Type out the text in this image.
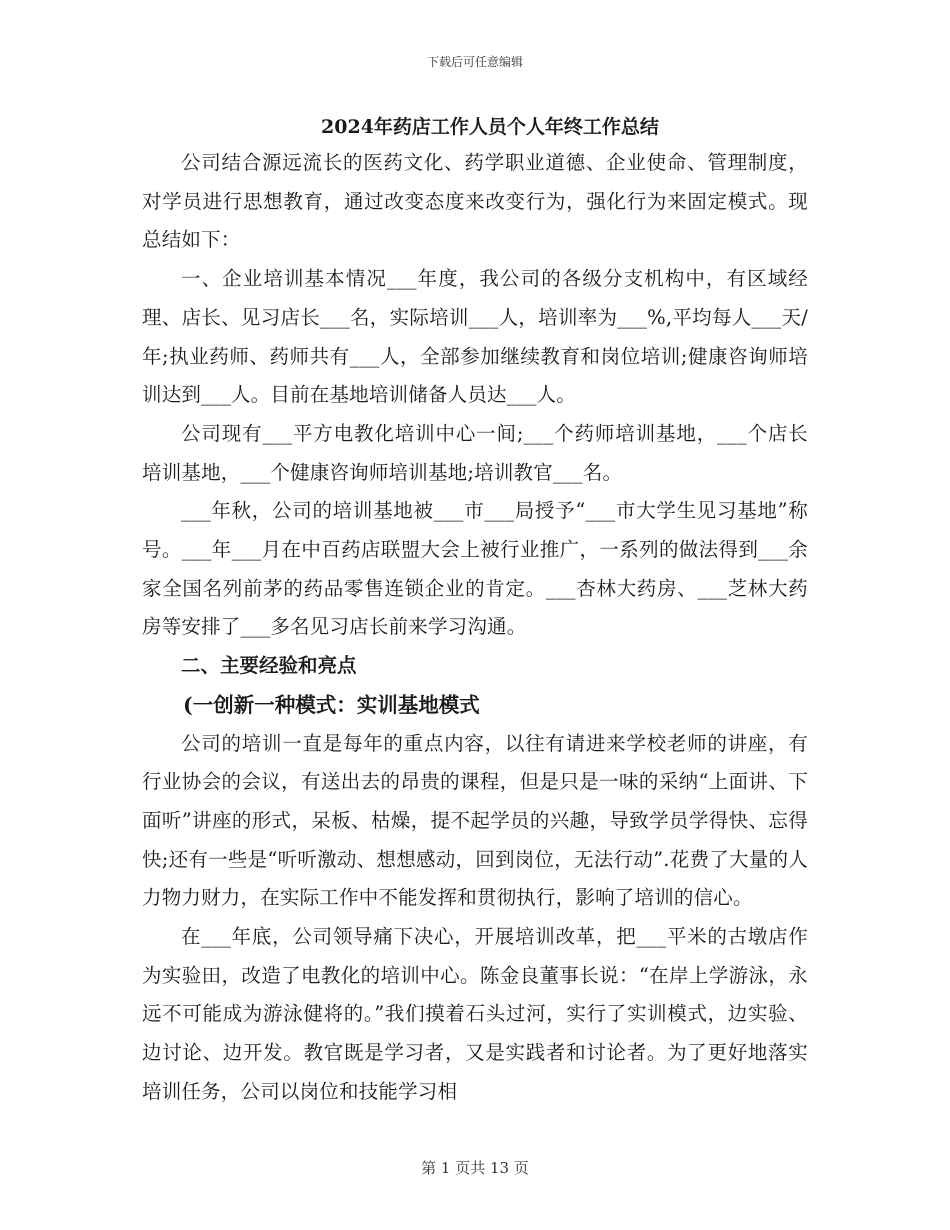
下载后可任意编辑

2024年药店工作人员个人年终工作总结

公司结合源远流长的医药文化、药学职业道德、企业使命、管理制度，对学员进行思想教育，通过改变态度来改变行为，强化行为来固定模式。现总结如下：

一、企业培训基本情况___年度，我公司的各级分支机构中，有区域经理、店长、见习店长___名，实际培训___人，培训率为___%,平均每人___天/年;执业药师、药师共有___人，全部参加继续教育和岗位培训;健康咨询师培训达到___人。目前在基地培训储备人员达___人。

公司现有___平方电教化培训中心一间;___个药师培训基地，___个店长培训基地，___个健康咨询师培训基地;培训教官___名。

___年秋，公司的培训基地被___市___局授予“___市大学生见习基地”称号。___年___月在中百药店联盟大会上被行业推广，一系列的做法得到___余家全国名列前茅的药品零售连锁企业的肯定。___杏林大药房、___芝林大药房等安排了___多名见习店长前来学习沟通。

二、主要经验和亮点

(一创新一种模式：实训基地模式

公司的培训一直是每年的重点内容，以往有请进来学校老师的讲座，有行业协会的会议，有送出去的昂贵的课程，但是只是一味的采纳“上面讲、下面听”讲座的形式，呆板、枯燥，提不起学员的兴趣，导致学员学得快、忘得快;还有一些是“听听激动、想想感动，回到岗位，无法行动”.花费了大量的人力物力财力，在实际工作中不能发挥和贯彻执行，影响了培训的信心。

在___年底，公司领导痛下决心，开展培训改革，把___平米的古墩店作为实验田，改造了电教化的培训中心。陈金良董事长说：“在岸上学游泳，永远不可能成为游泳健将的。”我们摸着石头过河，实行了实训模式，边实验、边讨论、边开发。教官既是学习者，又是实践者和讨论者。为了更好地落实培训任务，公司以岗位和技能学习相

第 1 页共 13 页
